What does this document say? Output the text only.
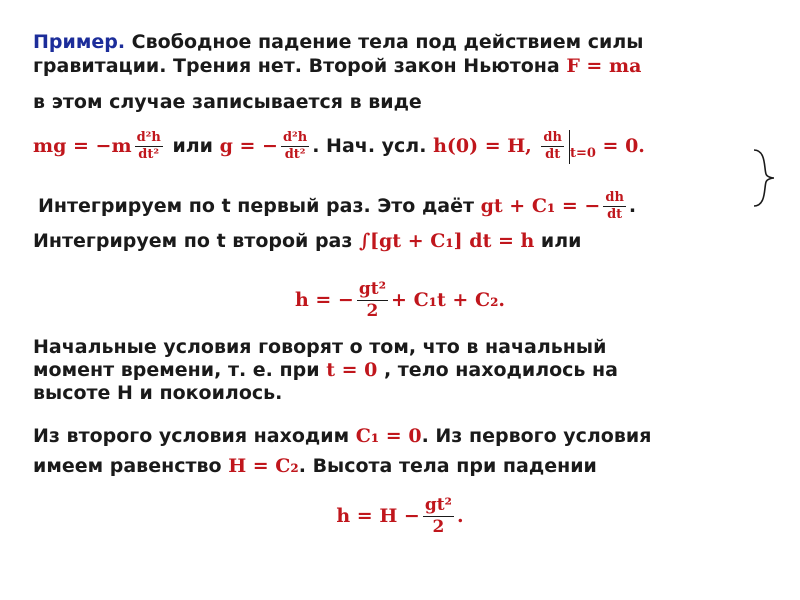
Пример. Свободное падение тела под действием силы
гравитации. Трения нет. Второй закон Ньютона F = ma
в этом случае записывается в виде
mg = $-m \frac{\text{d²h}}{\text{dt²}}$ или g = − $\frac{\text{d²h}}{\text{dt²}}$ . Нач. усл. h(0) = H, $\frac{dh}{dt} _{t=0} = 0$.
Интегрируем по t первый раз. Это даёт gt + C₁ = − $\frac{dh}{dt}$ .
Интегрируем по t второй раз ∫[gt + C₁] dt = h или
h = − $\frac{\text{gt²}}{2} + C_1t + C_2$.
Начальные условия говорят о том, что в начальный
момент времени, т. е. при t = 0 , тело находилось на
высоте H и покоилось.
Из второго условия находим C₁ = 0. Из первого условия
имеем равенство H = C₂. Высота тела при падении
$h = H - \frac{\text{gt²}}{2}$ .
